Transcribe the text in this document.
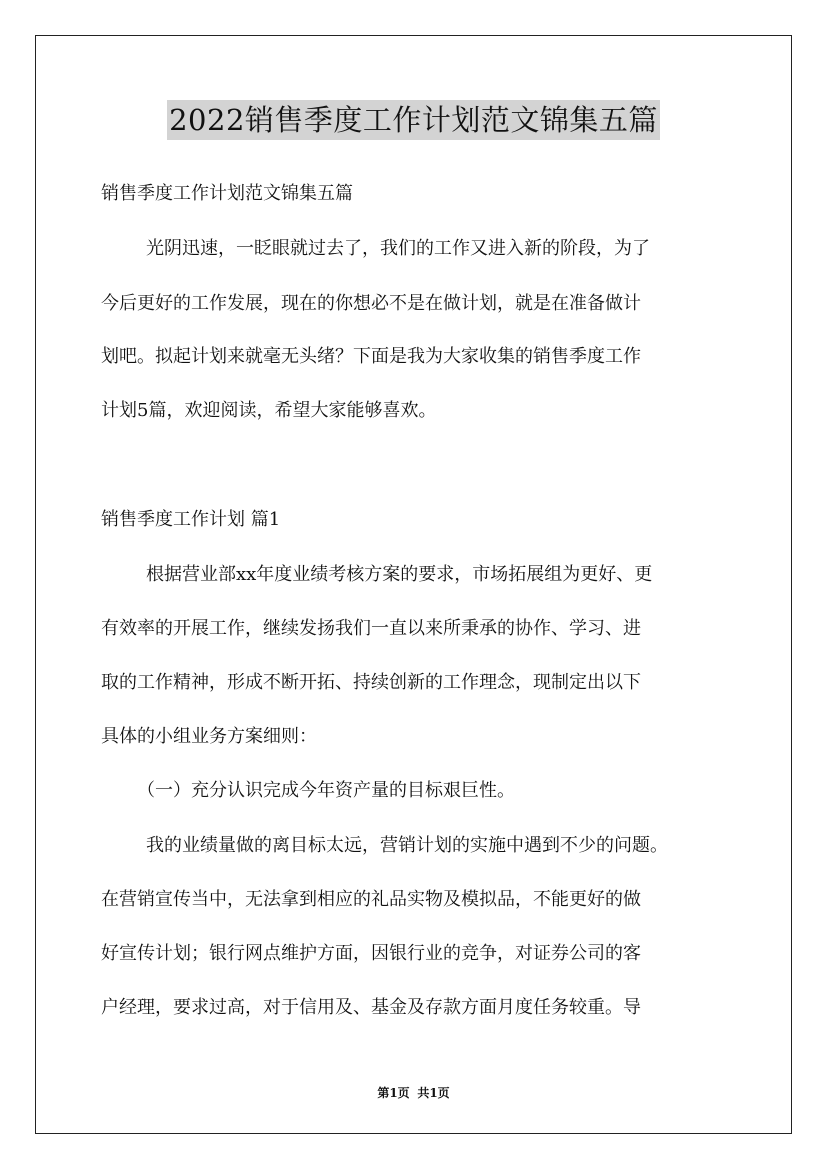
2022销售季度工作计划范文锦集五篇
销售季度工作计划范文锦集五篇
光阴迅速，一眨眼就过去了，我们的工作又进入新的阶段，为了
今后更好的工作发展，现在的你想必不是在做计划，就是在准备做计
划吧。拟起计划来就毫无头绪？下面是我为大家收集的销售季度工作
计划5篇，欢迎阅读，希望大家能够喜欢。
销售季度工作计划 篇1
根据营业部xx年度业绩考核方案的要求，市场拓展组为更好、更
有效率的开展工作，继续发扬我们一直以来所秉承的协作、学习、进
取的工作精神，形成不断开拓、持续创新的工作理念，现制定出以下
具体的小组业务方案细则：
（一）充分认识完成今年资产量的目标艰巨性。
我的业绩量做的离目标太远，营销计划的实施中遇到不少的问题。
在营销宣传当中，无法拿到相应的礼品实物及模拟品，不能更好的做
好宣传计划；银行网点维护方面，因银行业的竞争，对证券公司的客
户经理，要求过高，对于信用及、基金及存款方面月度任务较重。导
第1页 共1页
